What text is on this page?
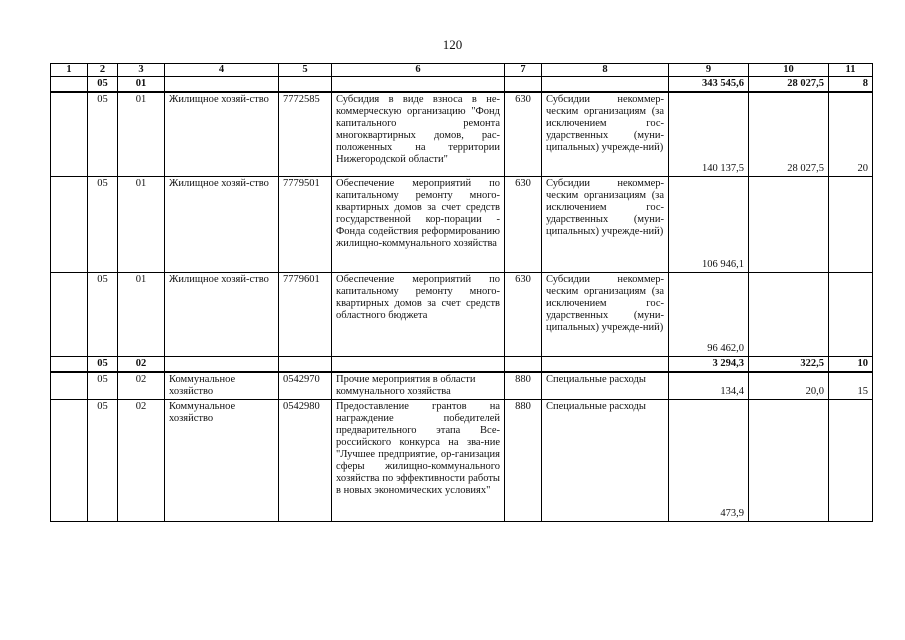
120
1	2	3	4	5	6	7	8	9	10	11
	05	01						343 545,6	28 027,5	8
	05	01	Жилищное хозяй-ство	7772585	Субсидия в виде взноса в не-коммерческую организацию "Фонд капитального ремонта многоквартирных домов, рас-положенных на территории Нижегородской области"	630	Субсидии некоммер-ческим организациям (за исключением гос-ударственных (муни-ципальных) учрежде-ний)	140 137,5	28 027,5	20
	05	01	Жилищное хозяй-ство	7779501	Обеспечение мероприятий по капитальному ремонту много-квартирных домов за счет средств государственной кор-порации - Фонда содействия реформированию жилищно-коммунального хозяйства	630	Субсидии некоммер-ческим организациям (за исключением гос-ударственных (муни-ципальных) учрежде-ний)	106 946,1		
	05	01	Жилищное хозяй-ство	7779601	Обеспечение мероприятий по капитальному ремонту много-квартирных домов за счет средств областного бюджета	630	Субсидии некоммер-ческим организациям (за исключением гос-ударственных (муни-ципальных) учрежде-ний)	96 462,0		
	05	02						3 294,3	322,5	10
	05	02	Коммунальное хозяйство	0542970	Прочие мероприятия в области коммунального хозяйства	880	Специальные расходы	134,4	20,0	15
	05	02	Коммунальное хозяйство	0542980	Предоставление грантов на награждение победителей предварительного этапа Все-российского конкурса на зва-ние "Лучшее предприятие, ор-ганизация сферы жилищно-коммунального хозяйства по эффективности работы в новых экономических условиях"	880	Специальные расходы	473,9		
